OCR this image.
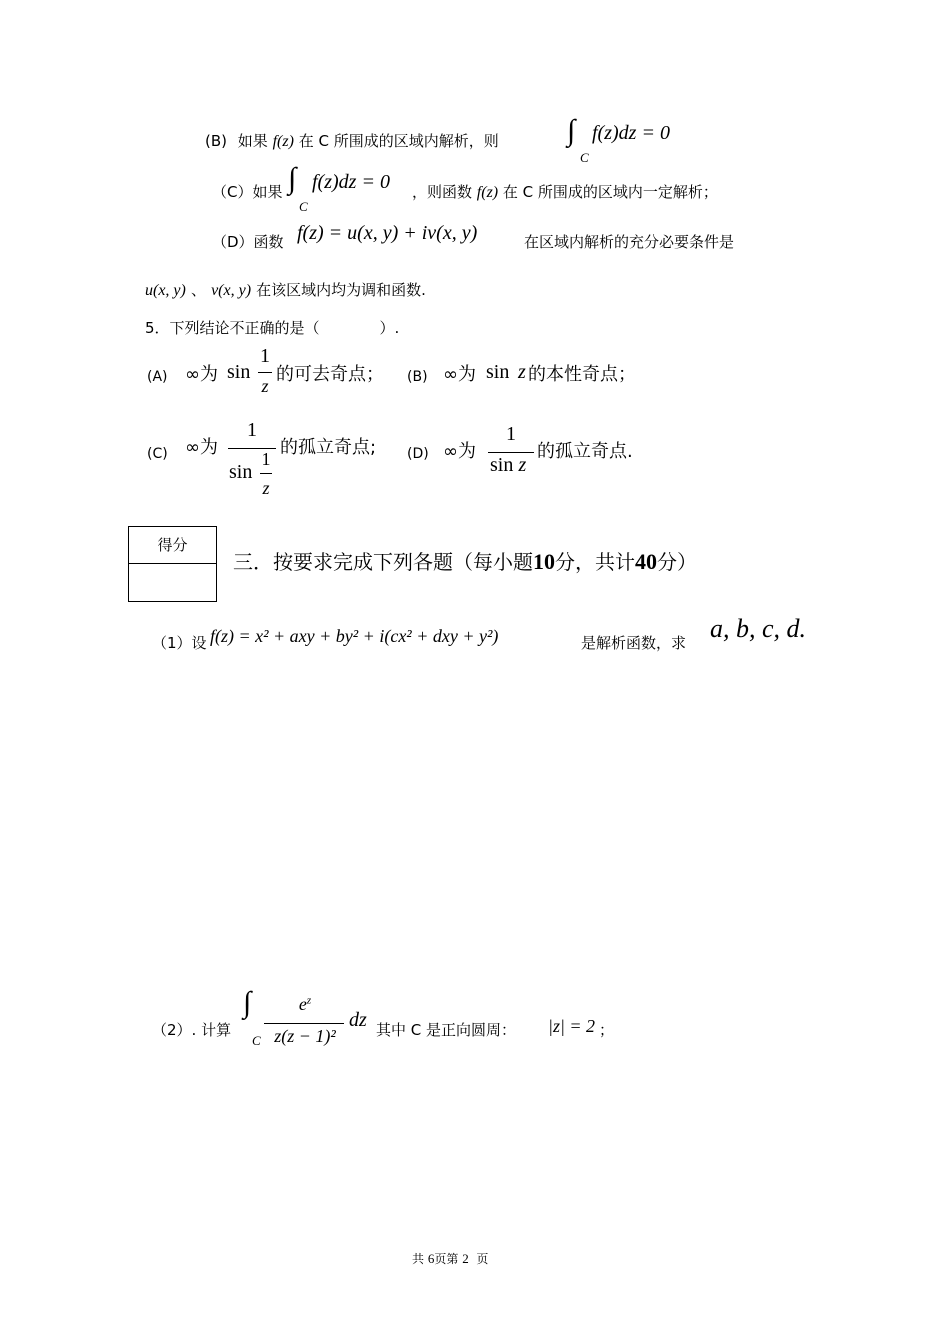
(B) 如果 f(z) 在 C 所围成的区域内解析，则 ∫
C
f(z)dz = 0
（C）如果 ∫
C
f(z)dz = 0 ，则函数 f(z) 在 C 所围成的区域内一定解析；
（D）函数 f(z) = u(x, y) + iv(x, y)	在区域内解析的充分必要条件是
u(x, y) 、 v(x, y) 在该区域内均为调和函数.
5．下列结论不正确的是（　　　　）.
(A) ∞为 sin
1
z
的可去奇点； (B) ∞为 sin z 的本性奇点；
(C) ∞为
1
sin
1
z
的孤立奇点; (D) ∞为
1
sin z
的孤立奇点.
得分
三．按要求完成下列各题（每小题10分，共计40分）
（1）设 f(z) = x² + axy + by² + i(cx² + dxy + y²)	是解析函数，求 a, b, c, d.
（2）. 计算
∫
C
$e^z$
z(z − 1)²
dz 其中 C 是正向圆周： |z| = 2 ；
共 6页第 2 页
